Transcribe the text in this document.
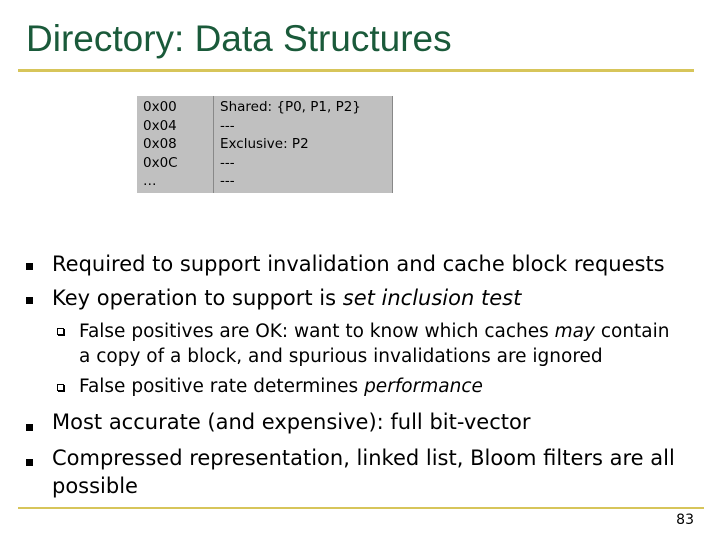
Directory: Data Structures
0x00
0x04
0x08
0x0C
…
Shared: {P0, P1, P2}
---
Exclusive: P2
---
---
Required to support invalidation and cache block requests
Key operation to support is set inclusion test
False positives are OK: want to know which caches may contain
a copy of a block, and spurious invalidations are ignored
False positive rate determines performance
Most accurate (and expensive): full bit-vector
Compressed representation, linked list, Bloom filters are all
possible
83
